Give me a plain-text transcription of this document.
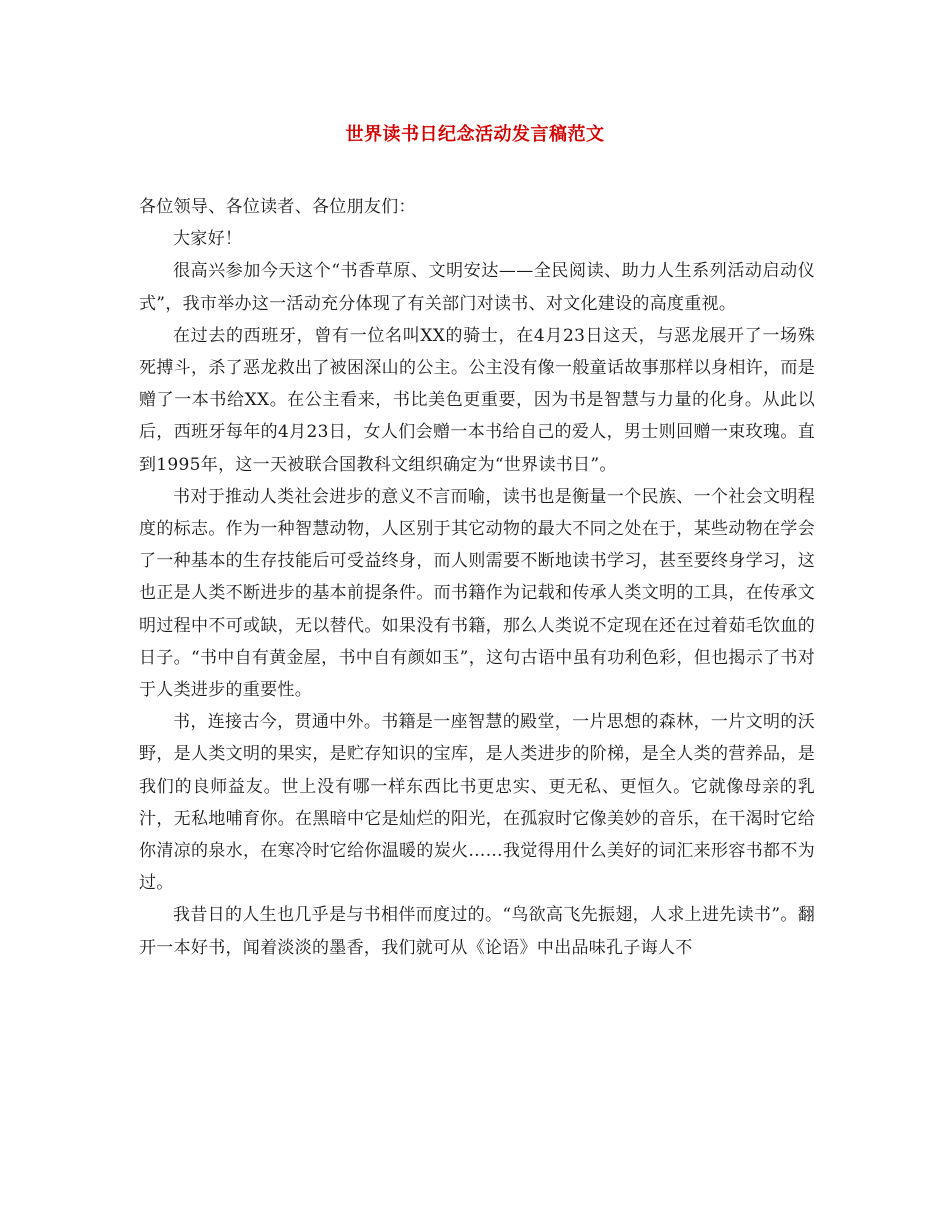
世界读书日纪念活动发言稿范文

各位领导、各位读者、各位朋友们：

大家好！

很高兴参加今天这个“书香草原、文明安达——全民阅读、助力人生系列活动启动仪式”，我市举办这一活动充分体现了有关部门对读书、对文化建设的高度重视。

在过去的西班牙，曾有一位名叫XX的骑士，在4月23日这天，与恶龙展开了一场殊死搏斗，杀了恶龙救出了被困深山的公主。公主没有像一般童话故事那样以身相许，而是赠了一本书给XX。在公主看来，书比美色更重要，因为书是智慧与力量的化身。从此以后，西班牙每年的4月23日，女人们会赠一本书给自己的爱人，男士则回赠一束玫瑰。直到1995年，这一天被联合国教科文组织确定为“世界读书日”。

书对于推动人类社会进步的意义不言而喻，读书也是衡量一个民族、一个社会文明程度的标志。作为一种智慧动物，人区别于其它动物的最大不同之处在于，某些动物在学会了一种基本的生存技能后可受益终身，而人则需要不断地读书学习，甚至要终身学习，这也正是人类不断进步的基本前提条件。而书籍作为记载和传承人类文明的工具，在传承文明过程中不可或缺，无以替代。如果没有书籍，那么人类说不定现在还在过着茹毛饮血的日子。“书中自有黄金屋，书中自有颜如玉”，这句古语中虽有功利色彩，但也揭示了书对于人类进步的重要性。

书，连接古今，贯通中外。书籍是一座智慧的殿堂，一片思想的森林，一片文明的沃野，是人类文明的果实，是贮存知识的宝库，是人类进步的阶梯，是全人类的营养品，是我们的良师益友。世上没有哪一样东西比书更忠实、更无私、更恒久。它就像母亲的乳汁，无私地哺育你。在黑暗中它是灿烂的阳光，在孤寂时它像美妙的音乐，在干渴时它给你清凉的泉水，在寒冷时它给你温暖的炭火……我觉得用什么美好的词汇来形容书都不为过。

我昔日的人生也几乎是与书相伴而度过的。“鸟欲高飞先振翅，人求上进先读书”。翻开一本好书，闻着淡淡的墨香，我们就可从《论语》中出品味孔子诲人不
